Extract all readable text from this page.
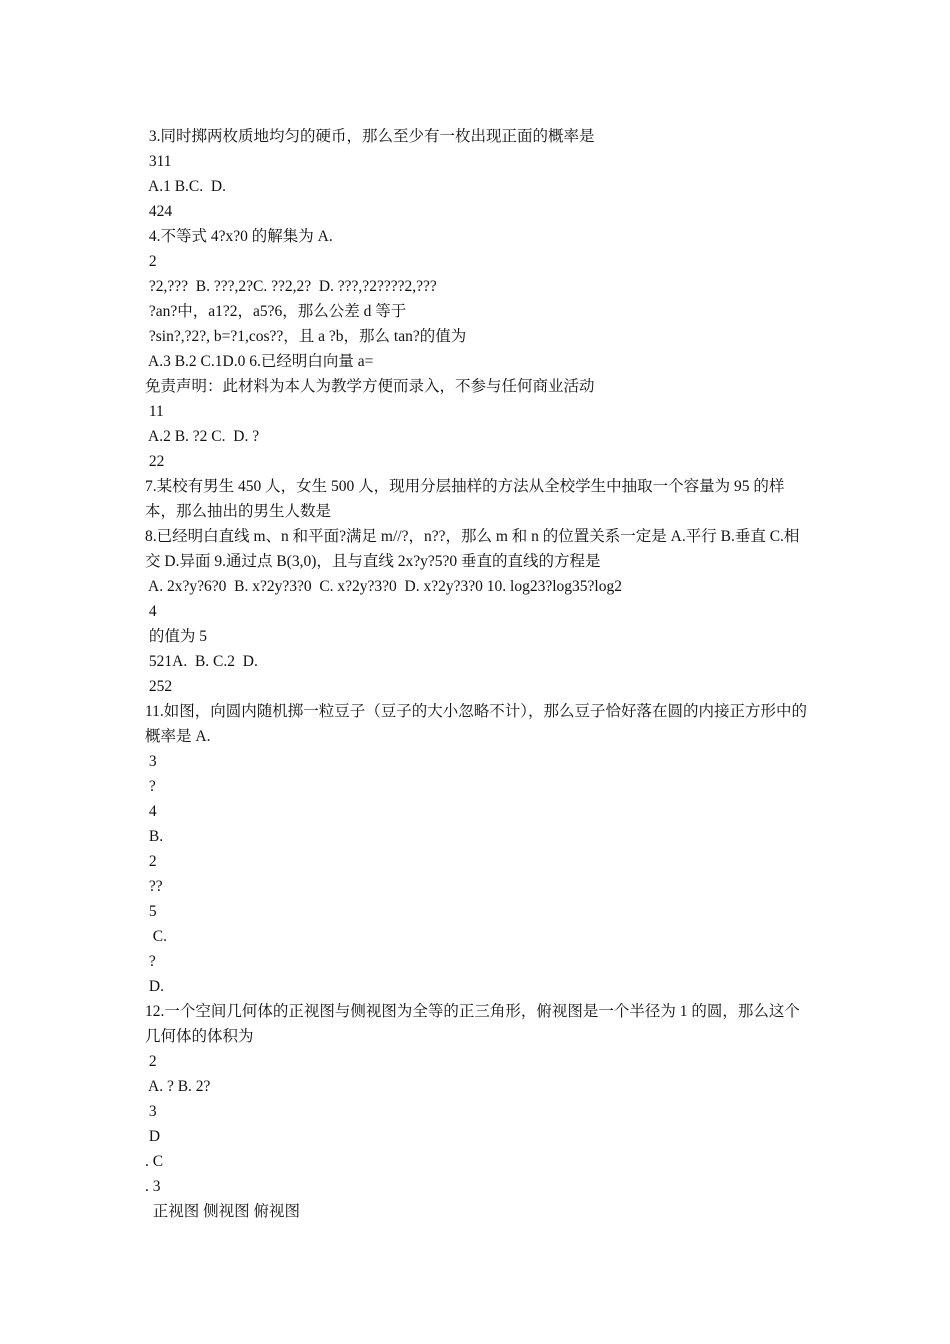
3.同时掷两枚质地均匀的硬币，那么至少有一枚出现正面的概率是
311
A.1 B.C.  D.
424
4.不等式 4?x?0 的解集为 A.
2
?2,???  B. ???,2?C. ??2,2?  D. ???,?2????2,???
?an?中，a1?2，a5?6，那么公差 d 等于
?sin?,?2?, b=?1,cos??，且 a ?b，那么 tan?的值为
A.3 B.2 C.1D.0 6.已经明白向量 a=
免责声明：此材料为本人为教学方便而录入，不参与任何商业活动
11
A.2 B. ?2 C.  D. ?
22
7.某校有男生 450 人，女生 500 人，现用分层抽样的方法从全校学生中抽取一个容量为 95 的样本，那么抽出的男生人数是
8.已经明白直线 m、n 和平面?满足 m//?，n??，那么 m 和 n 的位置关系一定是 A.平行 B.垂直 C.相交 D.异面 9.通过点 B(3,0)，且与直线 2x?y?5?0 垂直的直线的方程是
A. 2x?y?6?0  B. x?2y?3?0  C. x?2y?3?0  D. x?2y?3?0 10. log23?log35?log2
4
的值为 5
521A.  B. C.2  D.
252
11.如图，向圆内随机掷一粒豆子（豆子的大小忽略不计），那么豆子恰好落在圆的内接正方形中的概率是 A.
3
?
4
B.
2
??
5
C.
?
D.
12.一个空间几何体的正视图与侧视图为全等的正三角形，俯视图是一个半径为 1 的圆，那么这个几何体的体积为
2
A. ? B. 2?
3
D
. C
. 3
正视图 侧视图 俯视图
